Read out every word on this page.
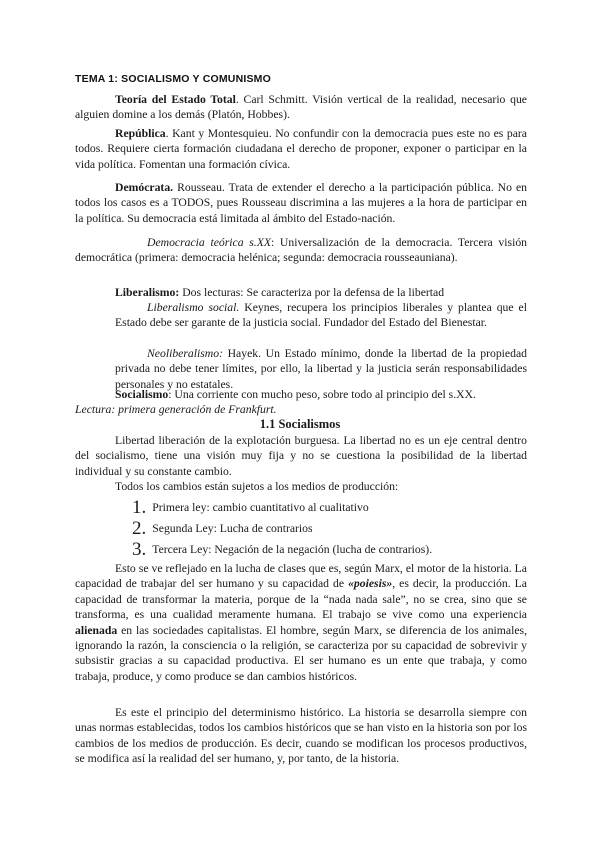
TEMA 1: SOCIALISMO Y COMUNISMO

Teoría del Estado Total. Carl Schmitt. Visión vertical de la realidad, necesario que alguien domine a los demás (Platón, Hobbes).

República. Kant y Montesquieu. No confundir con la democracia pues este no es para todos. Requiere cierta formación ciudadana el derecho de proponer, exponer o participar en la vida política. Fomentan una formación cívica.

Demócrata. Rousseau. Trata de extender el derecho a la participación pública. No en todos los casos es a TODOS, pues Rousseau discrimina a las mujeres a la hora de participar en la política. Su democracia está limitada al ámbito del Estado-nación.

Democracia teórica s.XX: Universalización de la democracia. Tercera visión democrática (primera: democracia helénica; segunda: democracia rousseauniana).

Liberalismo: Dos lecturas: Se caracteriza por la defensa de la libertad

Liberalismo social. Keynes, recupera los principios liberales y plantea que el Estado debe ser garante de la justicia social. Fundador del Estado del Bienestar.

Neoliberalismo: Hayek. Un Estado mínimo, donde la libertad de la propiedad privada no debe tener límites, por ello, la libertad y la justicia serán responsabilidades personales y no estatales.

Socialismo: Una corriente con mucho peso, sobre todo al principio del s.XX.

Lectura: primera generación de Frankfurt.

1.1 Socialismos

Libertad liberación de la explotación burguesa. La libertad no es un eje central dentro del socialismo, tiene una visión muy fija y no se cuestiona la posibilidad de la libertad individual y su constante cambio.

Todos los cambios están sujetos a los medios de producción:

1. Primera ley: cambio cuantitativo al cualitativo
2. Segunda Ley: Lucha de contrarios
3. Tercera Ley: Negación de la negación (lucha de contrarios).

Esto se ve reflejado en la lucha de clases que es, según Marx, el motor de la historia. La capacidad de trabajar del ser humano y su capacidad de «poiesis», es decir, la producción. La capacidad de transformar la materia, porque de la “nada nada sale”, no se crea, sino que se transforma, es una cualidad meramente humana. El trabajo se vive como una experiencia alienada en las sociedades capitalistas. El hombre, según Marx, se diferencia de los animales, ignorando la razón, la consciencia o la religión, se caracteriza por su capacidad de sobrevivir y subsistir gracias a su capacidad productiva. El ser humano es un ente que trabaja, y como trabaja, produce, y como produce se dan cambios históricos.

Es este el principio del determinismo histórico. La historia se desarrolla siempre con unas normas establecidas, todos los cambios históricos que se han visto en la historia son por los cambios de los medios de producción. Es decir, cuando se modifican los procesos productivos, se modifica así la realidad del ser humano, y, por tanto, de la historia.
